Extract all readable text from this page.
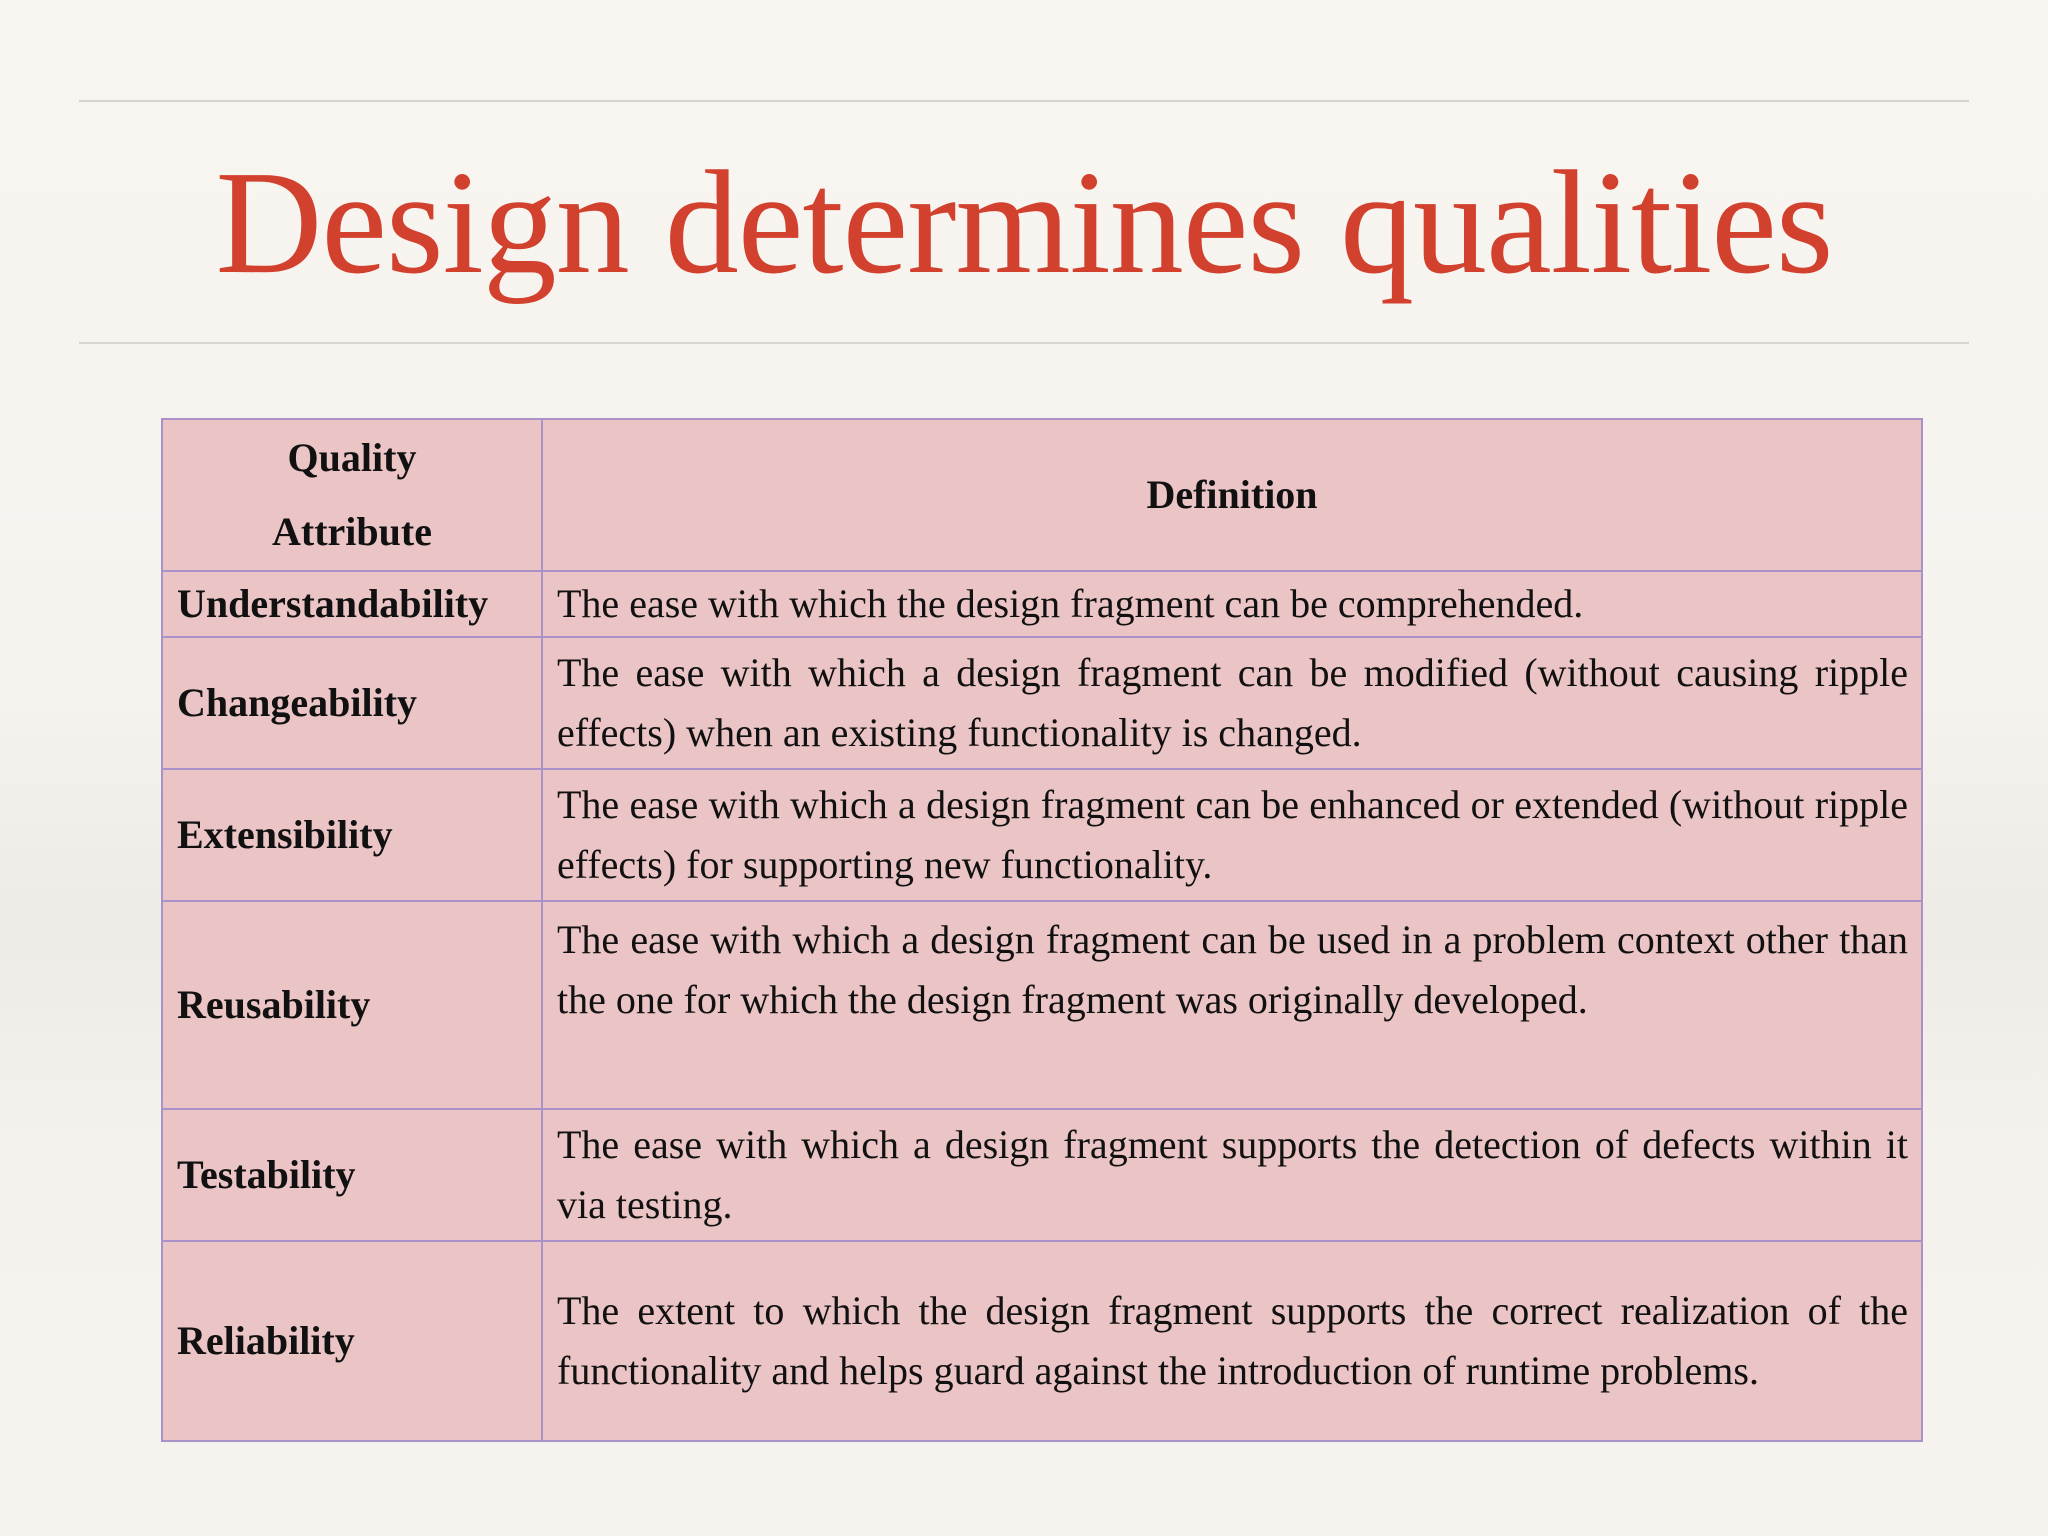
Design determines qualities
Quality
Attribute	Definition
Understandability	The ease with which the design fragment can be comprehended.
Changeability	The ease with which a design fragment can be modified (without causing ripple effects) when an existing functionality is changed.
Extensibility	The ease with which a design fragment can be enhanced or extended (without ripple effects) for supporting new functionality.
Reusability	The ease with which a design fragment can be used in a problem context other than the one for which the design fragment was originally developed.
Testability	The ease with which a design fragment supports the detection of defects within it via testing.
Reliability	The extent to which the design fragment supports the correct realization of the functionality and helps guard against the introduction of runtime problems.
